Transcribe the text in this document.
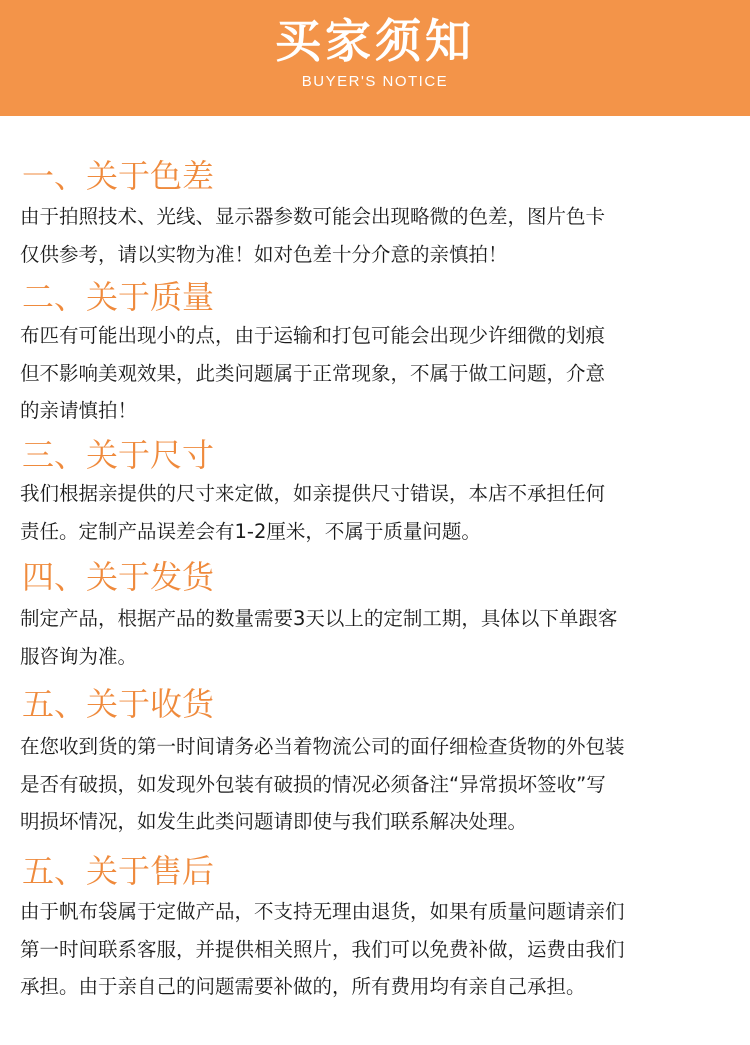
买家须知
BUYER'S NOTICE
一、关于色差
由于拍照技术、光线、显示器参数可能会出现略微的色差，图片色卡
仅供参考，请以实物为准！如对色差十分介意的亲慎拍！
二、关于质量
布匹有可能出现小的点，由于运输和打包可能会出现少许细微的划痕
但不影响美观效果，此类问题属于正常现象，不属于做工问题，介意
的亲请慎拍！
三、关于尺寸
我们根据亲提供的尺寸来定做，如亲提供尺寸错误，本店不承担任何
责任。定制产品误差会有1-2厘米，不属于质量问题。
四、关于发货
制定产品，根据产品的数量需要3天以上的定制工期，具体以下单跟客
服咨询为准。
五、关于收货
在您收到货的第一时间请务必当着物流公司的面仔细检查货物的外包装
是否有破损，如发现外包装有破损的情况必须备注“异常损坏签收”写
明损坏情况，如发生此类问题请即使与我们联系解决处理。
五、关于售后
由于帆布袋属于定做产品，不支持无理由退货，如果有质量问题请亲们
第一时间联系客服，并提供相关照片，我们可以免费补做，运费由我们
承担。由于亲自己的问题需要补做的，所有费用均有亲自己承担。
